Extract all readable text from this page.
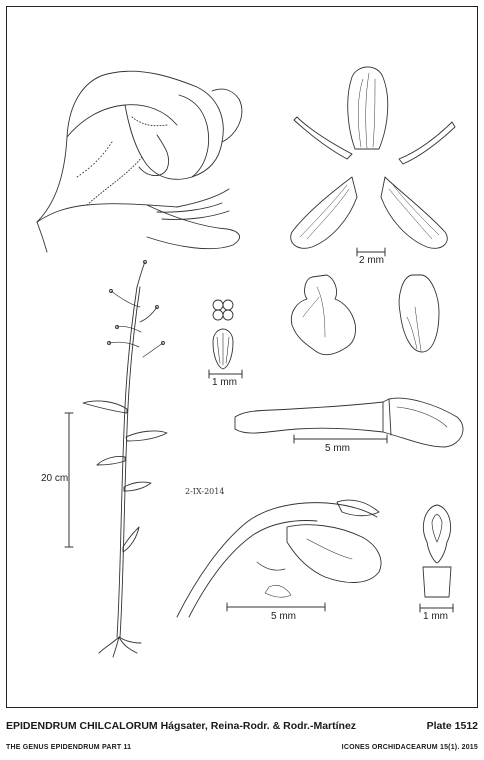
2 mm
1 mm
5 mm
20 cm
5 mm	1 mm
2-IX-2014
EPIDENDRUM CHILCALORUM Hágsater, Reina-Rodr. & Rodr.-Martínez	Plate 1512
THE GENUS EPIDENDRUM PART 11	ICONES ORCHIDACEARUM 15(1). 2015
